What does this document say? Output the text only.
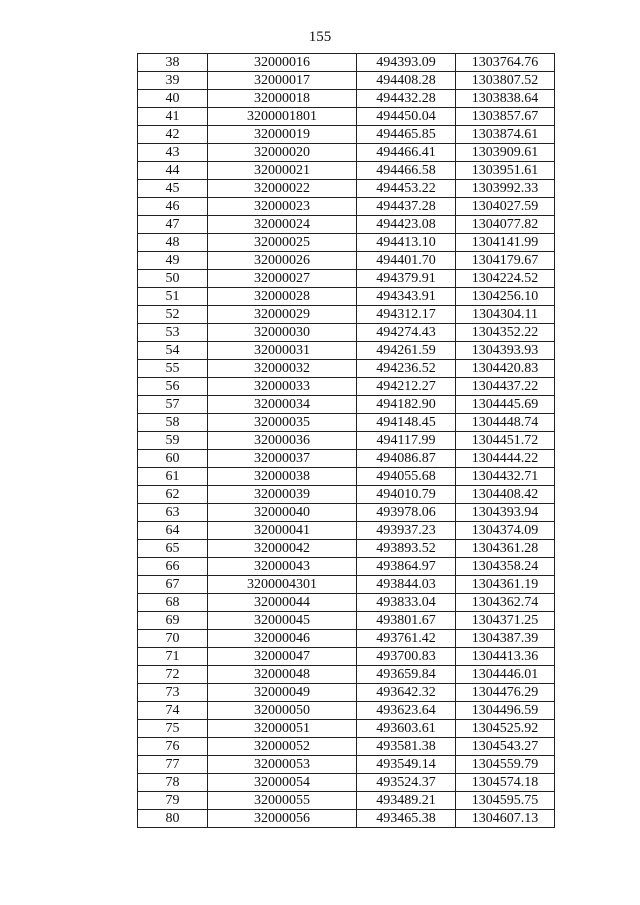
155
38	32000016	494393.09	1303764.76
39	32000017	494408.28	1303807.52
40	32000018	494432.28	1303838.64
41	3200001801	494450.04	1303857.67
42	32000019	494465.85	1303874.61
43	32000020	494466.41	1303909.61
44	32000021	494466.58	1303951.61
45	32000022	494453.22	1303992.33
46	32000023	494437.28	1304027.59
47	32000024	494423.08	1304077.82
48	32000025	494413.10	1304141.99
49	32000026	494401.70	1304179.67
50	32000027	494379.91	1304224.52
51	32000028	494343.91	1304256.10
52	32000029	494312.17	1304304.11
53	32000030	494274.43	1304352.22
54	32000031	494261.59	1304393.93
55	32000032	494236.52	1304420.83
56	32000033	494212.27	1304437.22
57	32000034	494182.90	1304445.69
58	32000035	494148.45	1304448.74
59	32000036	494117.99	1304451.72
60	32000037	494086.87	1304444.22
61	32000038	494055.68	1304432.71
62	32000039	494010.79	1304408.42
63	32000040	493978.06	1304393.94
64	32000041	493937.23	1304374.09
65	32000042	493893.52	1304361.28
66	32000043	493864.97	1304358.24
67	3200004301	493844.03	1304361.19
68	32000044	493833.04	1304362.74
69	32000045	493801.67	1304371.25
70	32000046	493761.42	1304387.39
71	32000047	493700.83	1304413.36
72	32000048	493659.84	1304446.01
73	32000049	493642.32	1304476.29
74	32000050	493623.64	1304496.59
75	32000051	493603.61	1304525.92
76	32000052	493581.38	1304543.27
77	32000053	493549.14	1304559.79
78	32000054	493524.37	1304574.18
79	32000055	493489.21	1304595.75
80	32000056	493465.38	1304607.13
